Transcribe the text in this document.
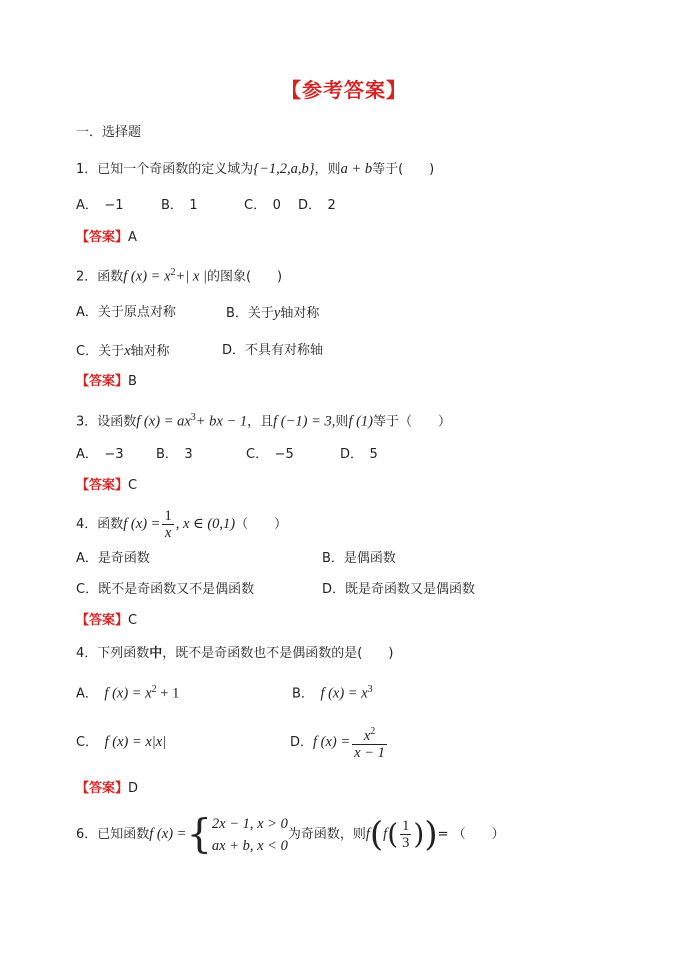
【参考答案】
一．选择题
1．已知一个奇函数的定义域为{−1,2,a,b}，则a + b等于(　　)
A．　−1	B．　1	C．　0 D．　2
【答案】A
2．函数f $(x) = x^2+|$ x |的图象(　　)
A．关于原点对称	B．关于y轴对称
C．关于x轴对称	D．不具有对称轴
【答案】B
3．设函数f $(x) = ax^3+$ bx − 1，且f (−1) = 3,则f (1)等于（　　）
A．　−3 B．　3	C．　−5	D．　5
【答案】C
4．函数f $(x) = \frac{1}{x}$ , x ∈ (0,1)（　　）
A．是奇函数	B．是偶函数
C．既不是奇函数又不是偶函数	D．既是奇函数又是偶函数
【答案】C
4．下列函数中，既不是奇函数也不是偶函数的是(　　)
A．　 f $(x) = x^2 + 1$	B．　 f $(x) = x^3$
C．　 f (x) = x|x|	D．f $(x) = \frac{x^2}{x - 1}$
【答案】D
6．已知函数f (x) ={ 2x − 1, x > 0
ax + b, x < 0
为奇函数，则$f(f( \frac{1}{3}$ ))= （　　）
